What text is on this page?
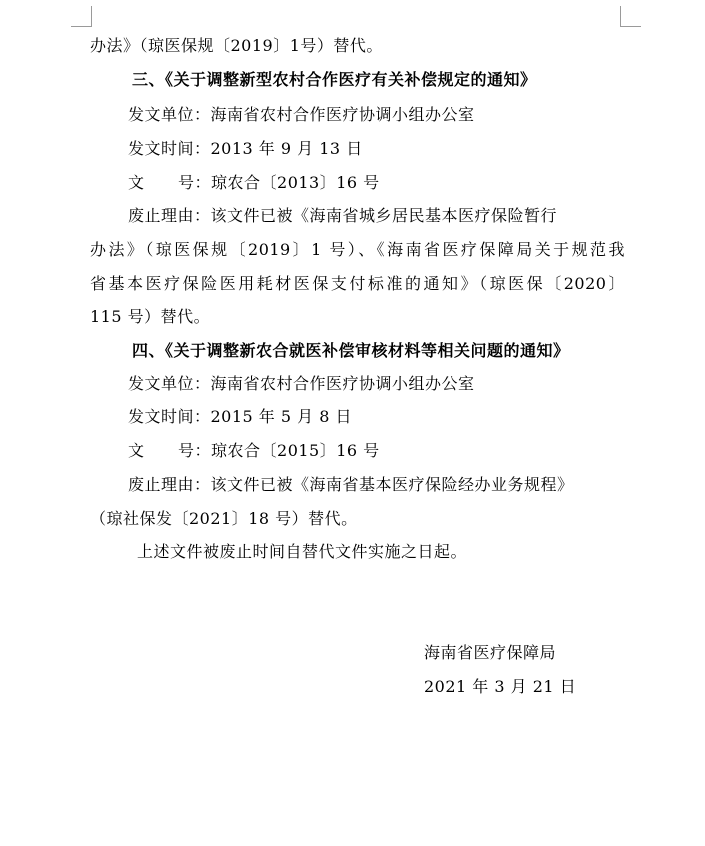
办法》（琼医保规〔2019〕1号）替代。
三、《关于调整新型农村合作医疗有关补偿规定的通知》
发文单位：海南省农村合作医疗协调小组办公室
发文时间：2013 年 9 月 13 日
文      号：琼农合〔2013〕16 号
废止理由：该文件已被《海南省城乡居民基本医疗保险暂行
办法》（琼医保规〔2019〕1 号）、《海南省医疗保障局关于规范我
省基本医疗保险医用耗材医保支付标准的通知》（琼医保〔2020〕
115 号）替代。
四、《关于调整新农合就医补偿审核材料等相关问题的通知》
发文单位：海南省农村合作医疗协调小组办公室
发文时间：2015 年 5 月 8 日
文      号：琼农合〔2015〕16 号
废止理由：该文件已被《海南省基本医疗保险经办业务规程》
（琼社保发〔2021〕18 号）替代。
上述文件被废止时间自替代文件实施之日起。
海南省医疗保障局
2021 年 3 月 21 日
